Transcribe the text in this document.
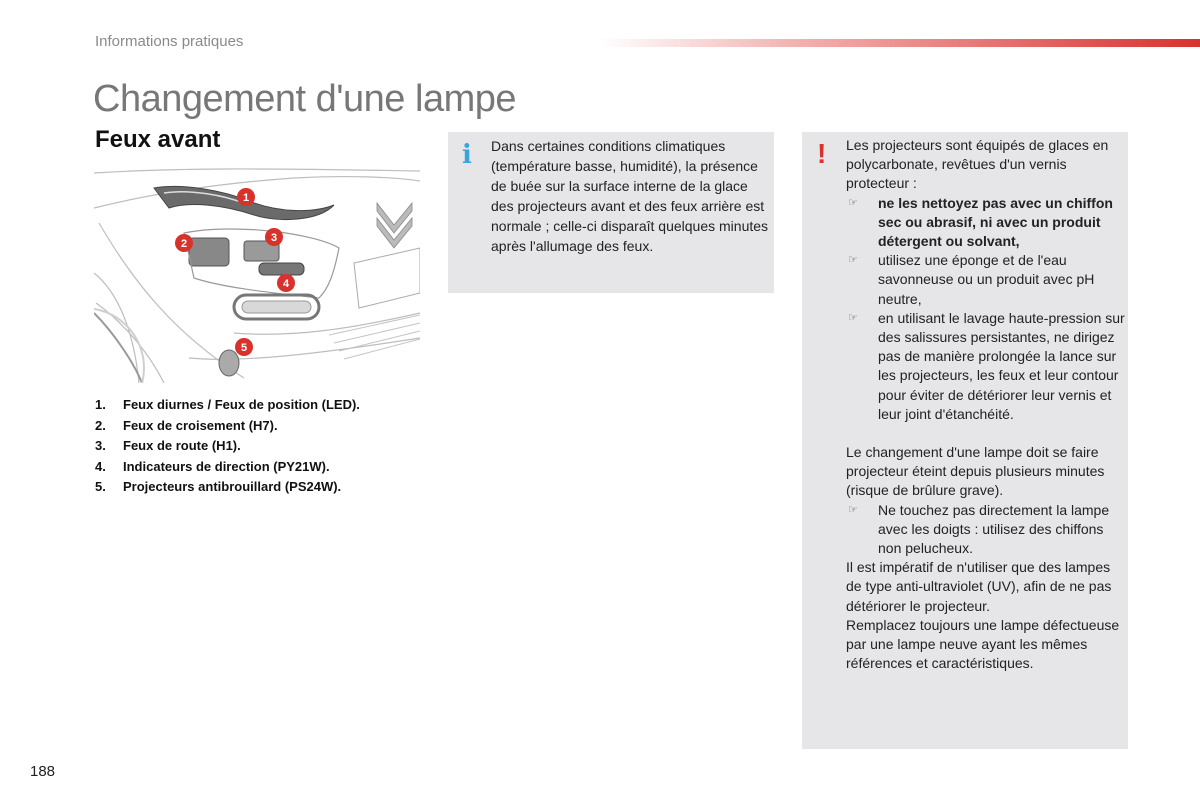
Informations pratiques
Changement d'une lampe
Feux avant
1
2	3
4
5
1.	Feux diurnes / Feux de position (LED).
2.	Feux de croisement (H7).
3.	Feux de route (H1).
4.	Indicateurs de direction (PY21W).
5.	Projecteurs antibrouillard (PS24W).
i Dans certaines conditions climatiques (température basse, humidité), la présence de buée sur la surface interne de la glace des projecteurs avant et des feux arrière est normale ; celle-ci disparaît quelques minutes après l'allumage des feux.

! Les projecteurs sont équipés de glaces en polycarbonate, revêtues d'un vernis protecteur :

☞	ne les nettoyez pas avec un chiffon sec ou abrasif, ni avec un produit détergent ou solvant,
☞	utilisez une éponge et de l'eau savonneuse ou un produit avec pH neutre,
☞	en utilisant le lavage haute-pression sur des salissures persistantes, ne dirigez pas de manière prolongée la lance sur les projecteurs, les feux et leur contour pour éviter de détériorer leur vernis et leur joint d'étanchéité.

Le changement d'une lampe doit se faire projecteur éteint depuis plusieurs minutes (risque de brûlure grave).

☞	Ne touchez pas directement la lampe avec les doigts : utilisez des chiffons non pelucheux.

Il est impératif de n'utiliser que des lampes de type anti-ultraviolet (UV), afin de ne pas détériorer le projecteur.

Remplacez toujours une lampe défectueuse par une lampe neuve ayant les mêmes références et caractéristiques.

188
